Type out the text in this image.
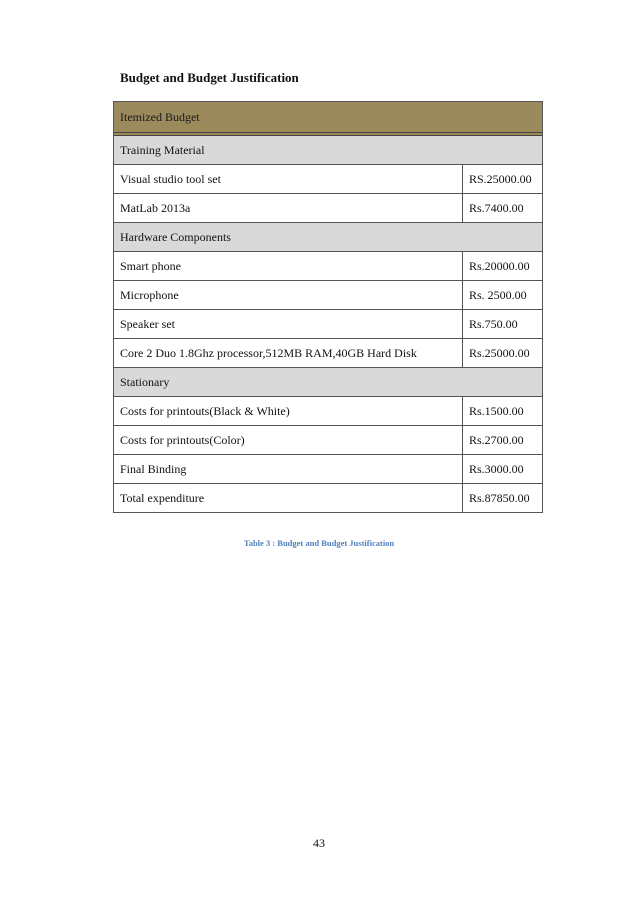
Budget and Budget Justification
Itemized Budget
Training Material
Visual studio tool set	RS.25000.00
MatLab 2013a	Rs.7400.00
Hardware Components
Smart phone	Rs.20000.00
Microphone	Rs. 2500.00
Speaker set	Rs.750.00
Core 2 Duo 1.8Ghz processor,512MB RAM,40GB Hard Disk	Rs.25000.00
Stationary
Costs for printouts(Black & White)	Rs.1500.00
Costs for printouts(Color)	Rs.2700.00
Final Binding	Rs.3000.00
Total expenditure	Rs.87850.00
Table 3 : Budget and Budget Justification
43
